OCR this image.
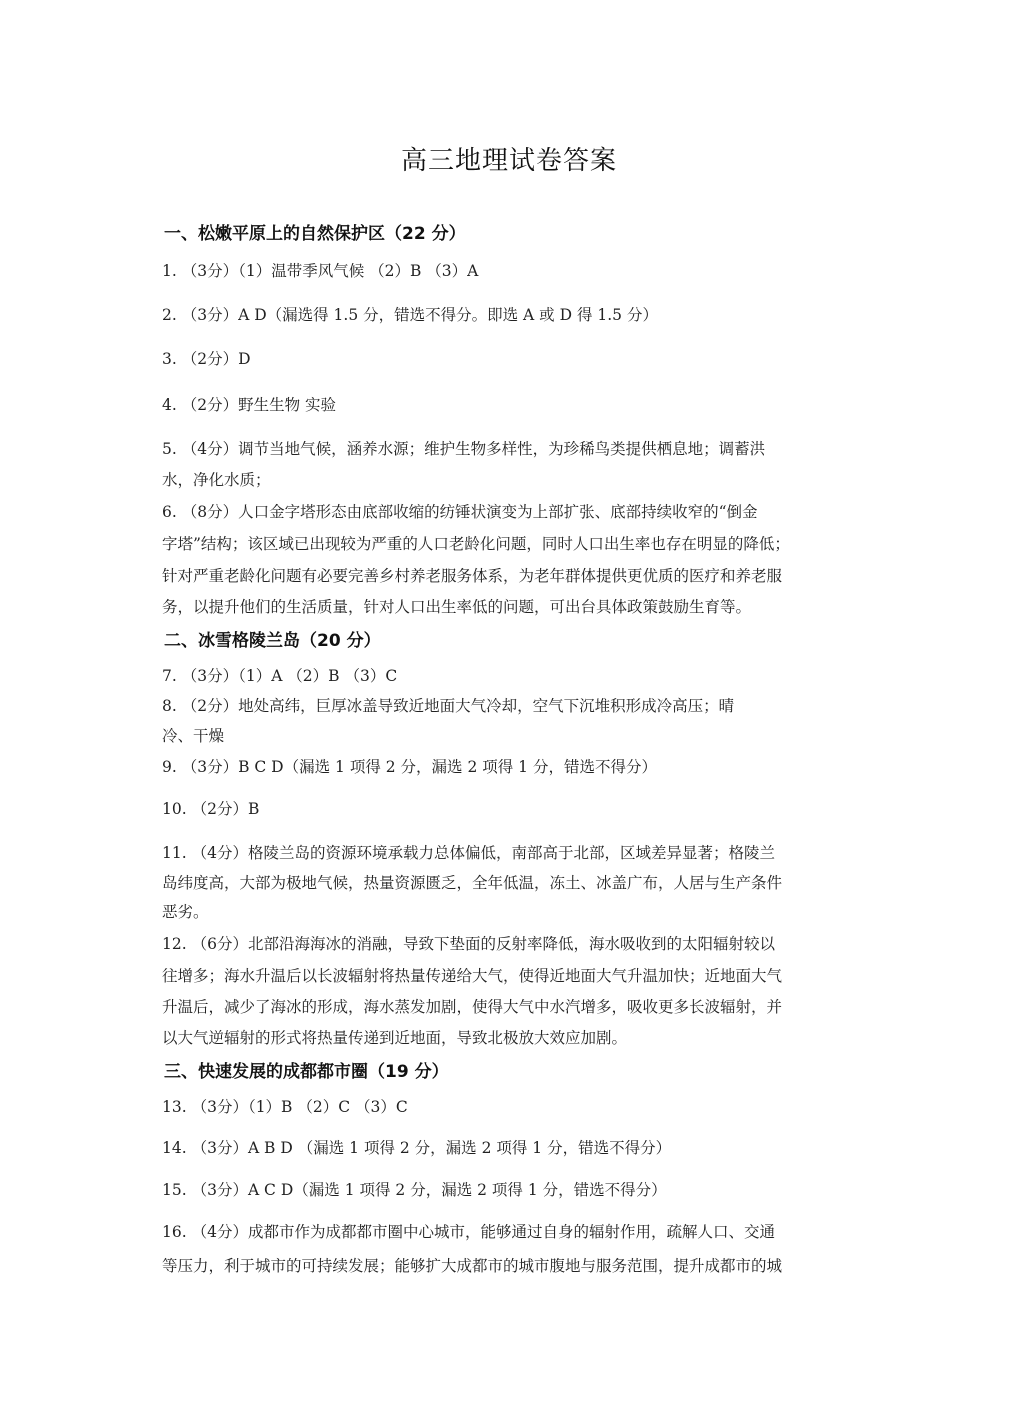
高三地理试卷答案
一、松嫩平原上的自然保护区（22 分）
1. （3分）（1）温带季风气候 （2）B （3）A
2. （3分）A D（漏选得 1.5 分，错选不得分。即选 A 或 D 得 1.5 分）
3. （2分）D
4. （2分）野生生物 实验
5. （4分）调节当地气候，涵养水源；维护生物多样性，为珍稀鸟类提供栖息地；调蓄洪
水，净化水质；
6. （8分）人口金字塔形态由底部收缩的纺锤状演变为上部扩张、底部持续收窄的“倒金
字塔”结构；该区域已出现较为严重的人口老龄化问题，同时人口出生率也存在明显的降低；
针对严重老龄化问题有必要完善乡村养老服务体系，为老年群体提供更优质的医疗和养老服
务，以提升他们的生活质量，针对人口出生率低的问题，可出台具体政策鼓励生育等。
二、冰雪格陵兰岛（20 分）
7. （3分）（1）A （2）B （3）C
8. （2分）地处高纬，巨厚冰盖导致近地面大气冷却，空气下沉堆积形成冷高压；晴
冷、干燥
9. （3分）B C D（漏选 1 项得 2 分，漏选 2 项得 1 分，错选不得分）
10. （2分）B
11. （4分）格陵兰岛的资源环境承载力总体偏低，南部高于北部，区域差异显著；格陵兰
岛纬度高，大部为极地气候，热量资源匮乏，全年低温，冻土、冰盖广布，人居与生产条件
恶劣。
12. （6分）北部沿海海冰的消融，导致下垫面的反射率降低，海水吸收到的太阳辐射较以
往增多；海水升温后以长波辐射将热量传递给大气，使得近地面大气升温加快；近地面大气
升温后，减少了海冰的形成，海水蒸发加剧，使得大气中水汽增多，吸收更多长波辐射，并
以大气逆辐射的形式将热量传递到近地面，导致北极放大效应加剧。
三、快速发展的成都都市圈（19 分）
13. （3分）（1）B （2）C （3）C
14. （3分）A B D （漏选 1 项得 2 分，漏选 2 项得 1 分，错选不得分）
15. （3分）A C D（漏选 1 项得 2 分，漏选 2 项得 1 分，错选不得分）
16. （4分）成都市作为成都都市圈中心城市，能够通过自身的辐射作用，疏解人口、交通
等压力，利于城市的可持续发展；能够扩大成都市的城市腹地与服务范围，提升成都市的城
